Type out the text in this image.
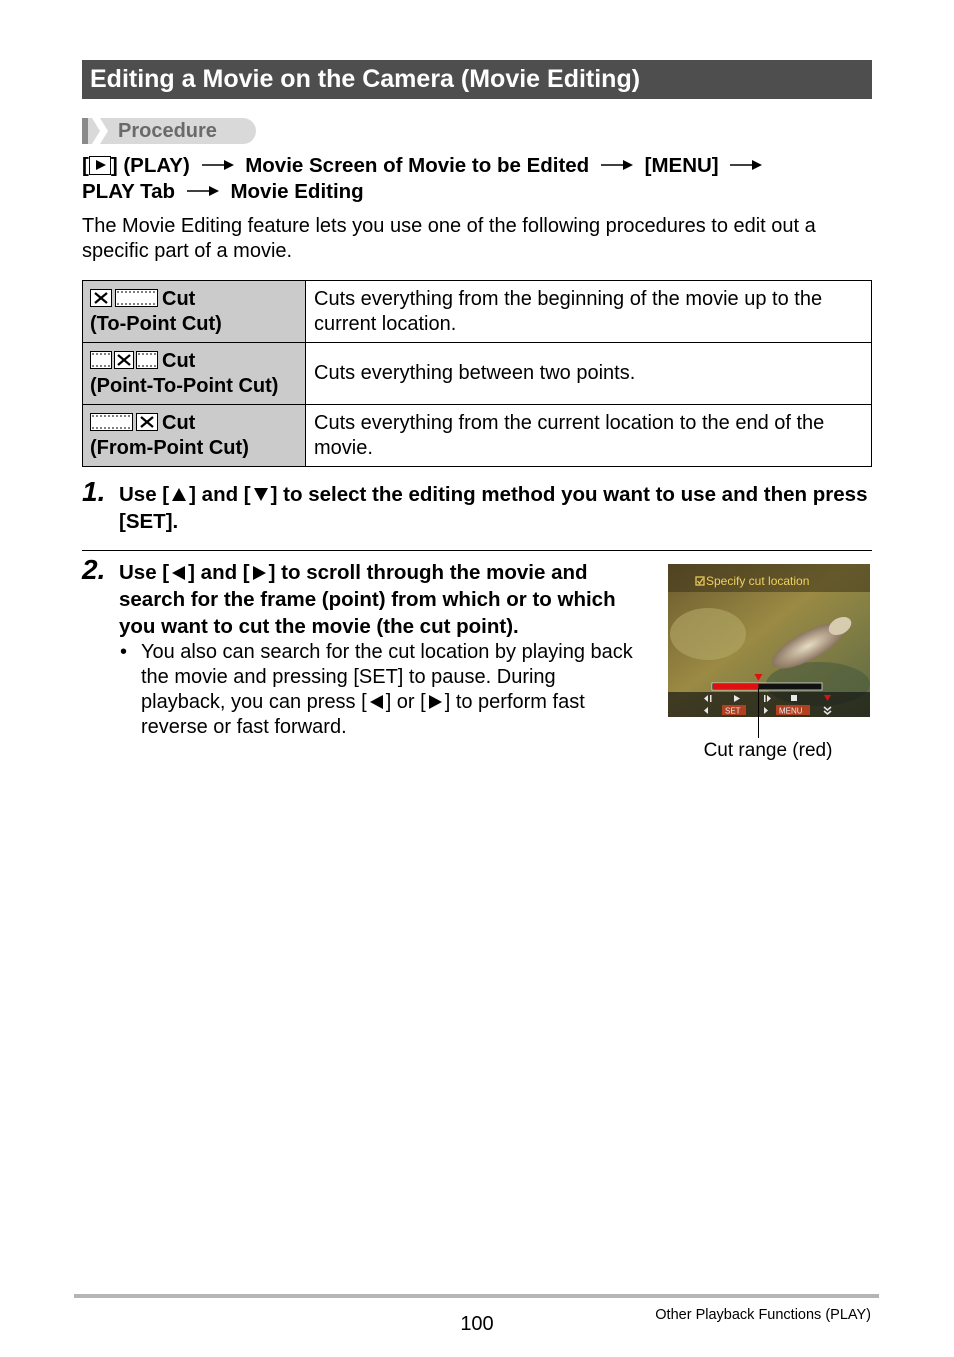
Editing a Movie on the Camera (Movie Editing)
Procedure
[ ] (PLAY)	Movie Screen of Movie to be Edited	[MENU]
PLAY Tab	Movie Editing
The Movie Editing feature lets you use one of the following procedures to edit out a specific part of a movie.
Cut
(To-Point Cut)	Cuts everything from the beginning of the movie up to the current location.
Cut
(Point-To-Point Cut)	Cuts everything between two points.
Cut
(From-Point Cut)	Cuts everything from the current location to the end of the movie.
1. Use [ ] and [ ] to select the editing method you want to use and then press [SET].
2. Use [ ] and [ ] to scroll through the movie and search for the frame (point) from which or to which you want to cut the movie (the cut point).
• You also can search for the cut location by playing back the movie and pressing [SET] to pause. During playback, you can press [ ] or [ ] to perform fast reverse or fast forward.
Specify cut location
SET	MENU
Cut range (red)
100	Other Playback Functions (PLAY)
